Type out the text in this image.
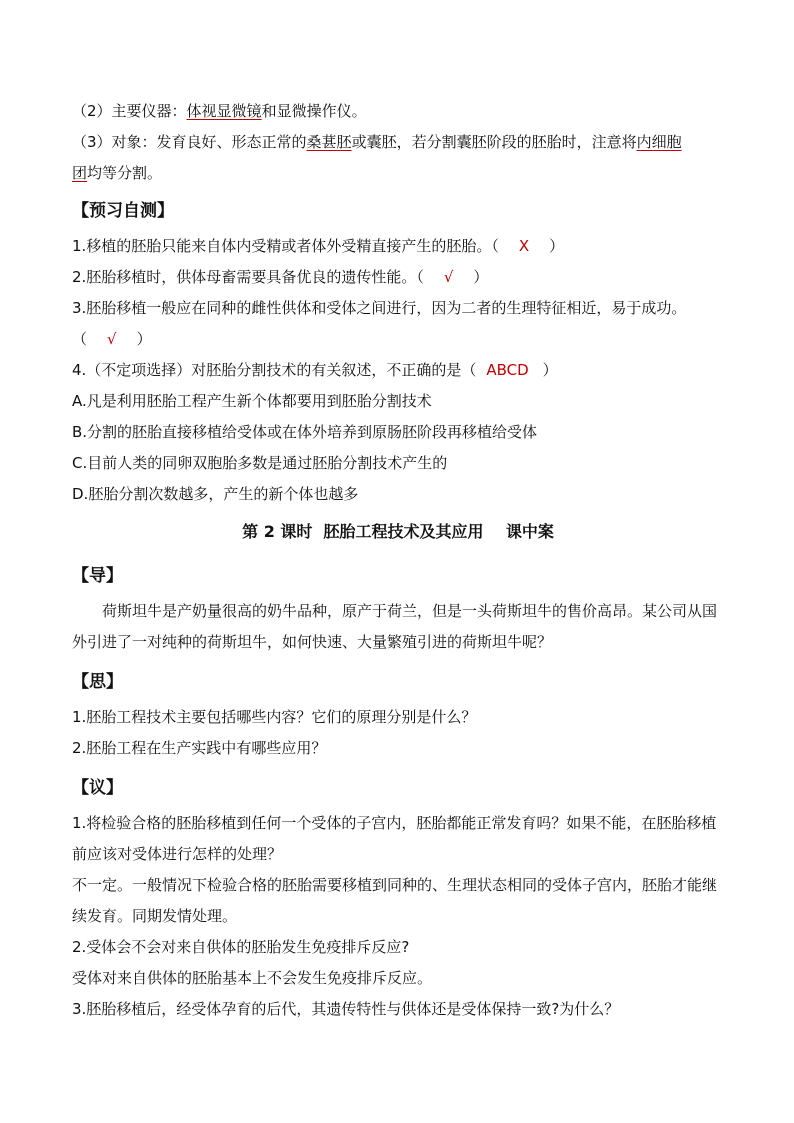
（2）主要仪器：体视显微镜和显微操作仪。
（3）对象：发育良好、形态正常的桑葚胚或囊胚，若分割囊胚阶段的胚胎时，注意将内细胞
团均等分割。
【预习自测】
1.移植的胚胎只能来自体内受精或者体外受精直接产生的胚胎。（ X ）
2.胚胎移植时，供体母畜需要具备优良的遗传性能。（ √ ）
3.胚胎移植一般应在同种的雌性供体和受体之间进行，因为二者的生理特征相近，易于成功。
（ √ ）
4.（不定项选择）对胚胎分割技术的有关叙述，不正确的是（ ABCD ）
A.凡是利用胚胎工程产生新个体都要用到胚胎分割技术
B.分割的胚胎直接移植给受体或在体外培养到原肠胚阶段再移植给受体
C.目前人类的同卵双胞胎多数是通过胚胎分割技术产生的
D.胚胎分割次数越多，产生的新个体也越多
第 2 课时  胚胎工程技术及其应用    课中案
【导】
荷斯坦牛是产奶量很高的奶牛品种，原产于荷兰，但是一头荷斯坦牛的售价高昂。某公司从国外引进了一对纯种的荷斯坦牛，如何快速、大量繁殖引进的荷斯坦牛呢？
【思】
1.胚胎工程技术主要包括哪些内容？它们的原理分别是什么？
2.胚胎工程在生产实践中有哪些应用？
【议】
1.将检验合格的胚胎移植到任何一个受体的子宫内，胚胎都能正常发育吗？如果不能，在胚胎移植前应该对受体进行怎样的处理？
不一定。一般情况下检验合格的胚胎需要移植到同种的、生理状态相同的受体子宫内，胚胎才能继续发育。同期发情处理。
2.受体会不会对来自供体的胚胎发生免疫排斥反应?
受体对来自供体的胚胎基本上不会发生免疫排斥反应。
3.胚胎移植后，经受体孕育的后代，其遗传特性与供体还是受体保持一致?为什么？
